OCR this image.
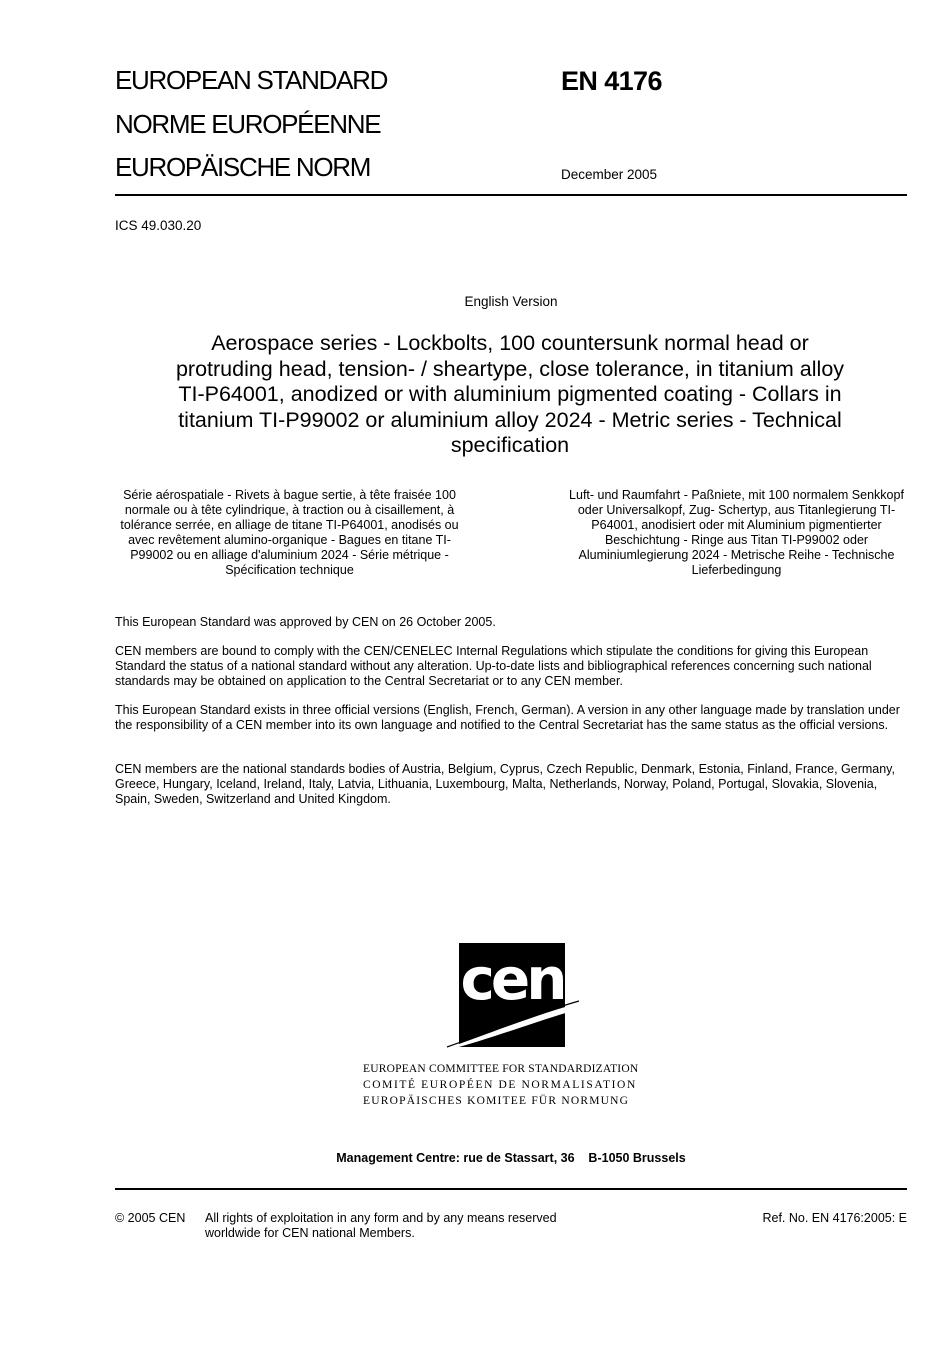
EUROPEAN STANDARD
NORME EUROPÉENNE
EUROPÄISCHE NORM
EN 4176
December 2005
ICS 49.030.20
English Version
Aerospace series - Lockbolts, 100 countersunk normal head or protruding head, tension- / sheartype, close tolerance, in titanium alloy TI-P64001, anodized or with aluminium pigmented coating - Collars in titanium TI-P99002 or aluminium alloy 2024 - Metric series - Technical specification
Série aérospatiale - Rivets à bague sertie, à tête fraisée 100 normale ou à tête cylindrique, à traction ou à cisaillement, à tolérance serrée, en alliage de titane TI-P64001, anodisés ou avec revêtement alumino-organique - Bagues en titane TI-P99002 ou en alliage d'aluminium 2024 - Série métrique - Spécification technique
Luft- und Raumfahrt - Paßniete, mit 100 normalem Senkkopf oder Universalkopf, Zug- Schertyp, aus Titanlegierung TI-P64001, anodisiert oder mit Aluminium pigmentierter Beschichtung - Ringe aus Titan TI-P99002 oder Aluminiumlegierung 2024 - Metrische Reihe - Technische Lieferbedingung
This European Standard was approved by CEN on 26 October 2005.
CEN members are bound to comply with the CEN/CENELEC Internal Regulations which stipulate the conditions for giving this European Standard the status of a national standard without any alteration. Up-to-date lists and bibliographical references concerning such national standards may be obtained on application to the Central Secretariat or to any CEN member.
This European Standard exists in three official versions (English, French, German). A version in any other language made by translation under the responsibility of a CEN member into its own language and notified to the Central Secretariat has the same status as the official versions.
CEN members are the national standards bodies of Austria, Belgium, Cyprus, Czech Republic, Denmark, Estonia, Finland, France, Germany, Greece, Hungary, Iceland, Ireland, Italy, Latvia, Lithuania, Luxembourg, Malta, Netherlands, Norway, Poland, Portugal, Slovakia, Slovenia, Spain, Sweden, Switzerland and United Kingdom.
cen
EUROPEAN COMMITTEE FOR STANDARDIZATION
COMITÉ EUROPÉEN DE NORMALISATION
EUROPÄISCHES KOMITEE FÜR NORMUNG
Management Centre: rue de Stassart, 36    B-1050 Brussels
© 2005 CEN All rights of exploitation in any form and by any means reserved
worldwide for CEN national Members.
Ref. No. EN 4176:2005: E
